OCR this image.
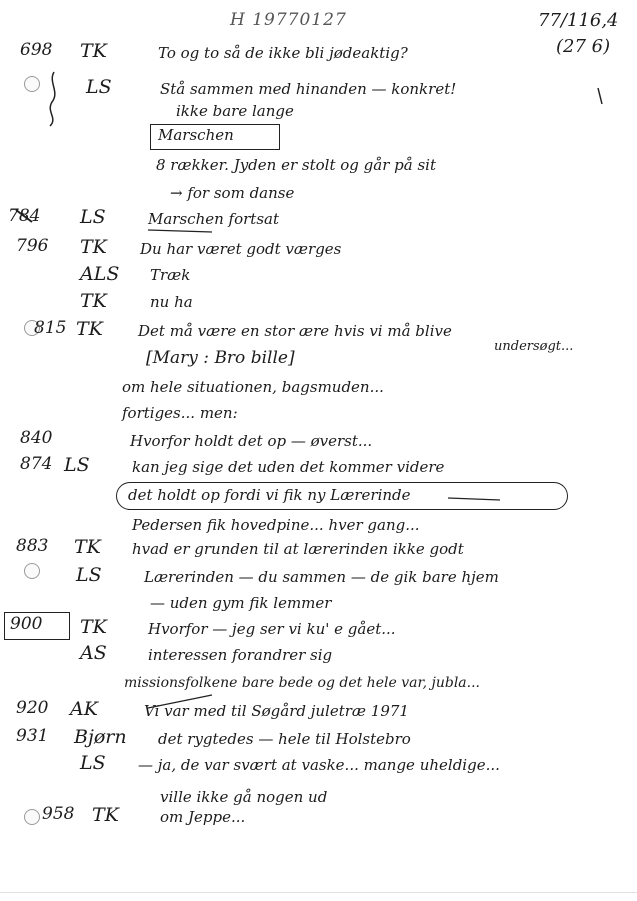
H 19770127	77/116,4
(27 6)
698 TK	To og to så de ikke bli jødeaktig?
LS	Stå sammen med hinanden — konkret!
ikke bare lange
Marschen
8 rækker. Jyden er stolt og går på sit
→ for som danse
784 LS	Marschen fortsat
796 TK Du har været godt værges
ALS Træk
TK	nu ha
815 TK Det må være en stor ære hvis vi må blive
undersøgt...
[Mary : Bro bille]
om hele situationen, bagsmuden...
fortiges... men:
840	Hvorfor holdt det op — øverst...
874 LS	kan jeg sige det uden det kommer videre
det holdt op fordi vi fik ny Lærerinde
Pedersen fik hovedpine... hver gang...
883 TK hvad er grunden til at lærerinden ikke godt
LS	Lærerinden — du sammen — de gik bare hjem
— uden gym fik lemmer
900 TK	Hvorfor — jeg ser vi ku' e gået...
AS	interessen forandrer sig
missionsfolkene bare bede og det hele var, jubla...
920 AK	Vi var med til Søgård juletræ 1971
931 Bjørn det rygtedes — hele til Holstebro
LS — ja, de var svært at vaske... mange uheldige...
ville ikke gå nogen ud
958 TK	om Jeppe...
